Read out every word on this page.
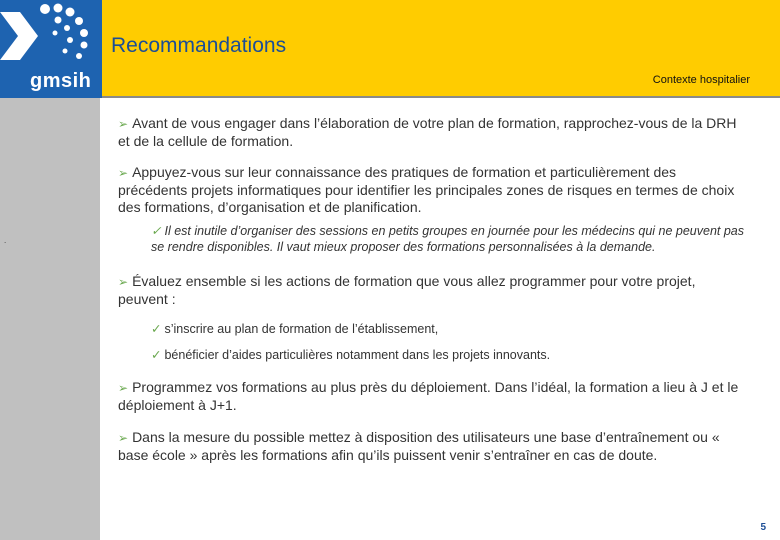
.
gmsih
Recommandations
Contexte hospitalier

➢ Avant de vous engager dans l’élaboration de votre plan de formation, rapprochez-vous de la DRH et de la cellule de formation.

➢ Appuyez-vous sur leur connaissance des pratiques de formation et particulièrement des précédents projets informatiques pour identifier les principales zones de risques en termes de choix des formations, d’organisation et de planification.

✓ Il est inutile d’organiser des sessions en petits groupes en journée pour les médecins qui ne peuvent pas se rendre disponibles. Il vaut mieux proposer des formations personnalisées à la demande.

➢ Évaluez ensemble si les actions de formation que vous allez programmer pour votre projet, peuvent :

✓ s’inscrire au plan de formation de l’établissement,

✓ bénéficier d’aides particulières notamment dans les projets innovants.

➢ Programmez vos formations au plus près du déploiement. Dans l’idéal, la formation a lieu à J et le déploiement à J+1.

➢ Dans la mesure du possible mettez à disposition des utilisateurs une base d’entraînement ou « base école » après les formations afin qu’ils puissent venir s’entraîner en cas de doute.

5
